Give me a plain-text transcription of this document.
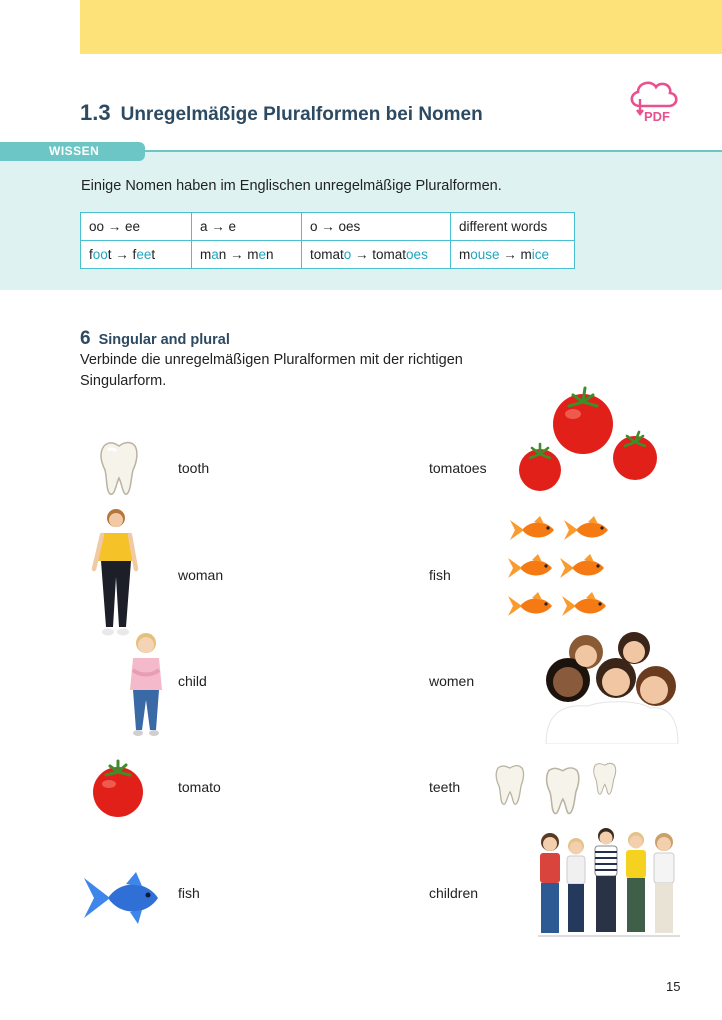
1.3 Unregelmäßige Pluralformen bei Nomen	PDF
WISSEN
Einige Nomen haben im Englischen unregelmäßige Pluralformen.
oo → ee	a → e	o → oes	different words
foot → feet	man → men	tomato → tomatoes	mouse → mice
6 Singular and plural
Verbinde die unregelmäßigen Pluralformen mit der richtigen Singularform.
tooth
woman
child
tomato
fish
tomatoes
fish
women
teeth
children
15
